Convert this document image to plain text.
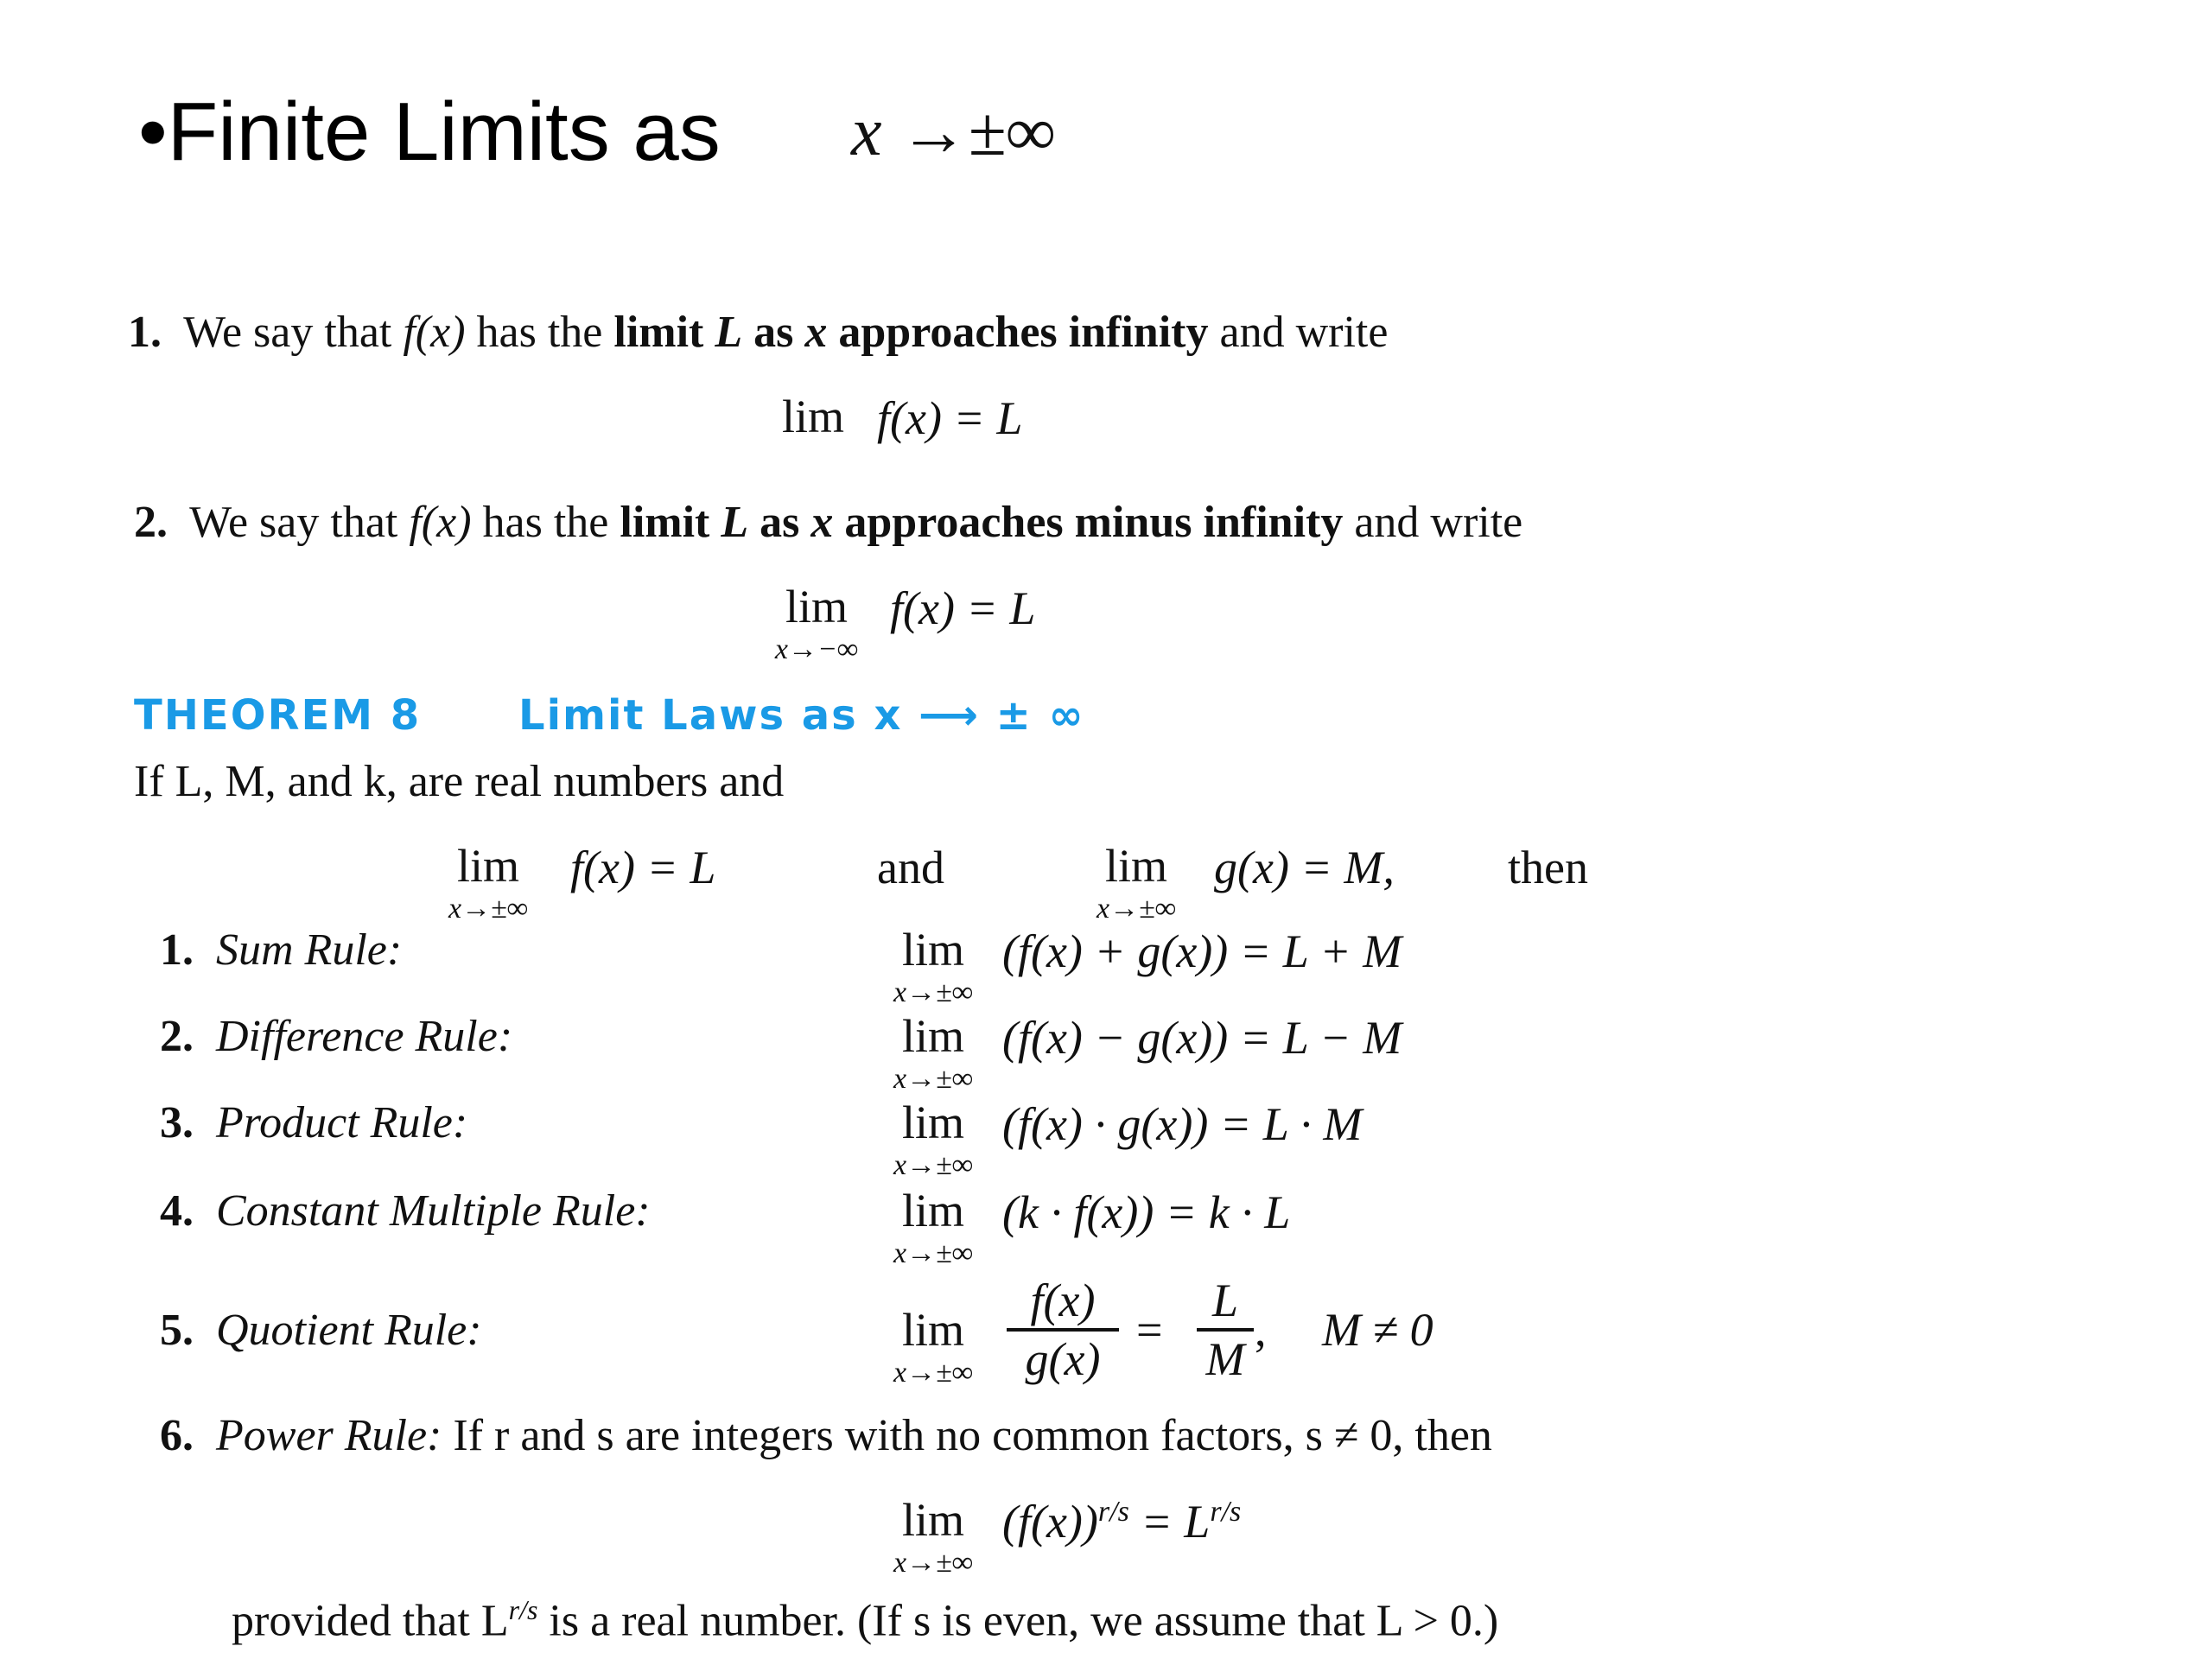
•Finite Limits as x →±∞
1. We say that f(x) has the limit L as x approaches infinity and write
lim f(x) = L
2. We say that f(x) has the limit L as x approaches minus infinity and write
lim
x→−∞
f(x) = L
THEOREM 8 Limit Laws as x ⟶ ± ∞
If L, M, and k, are real numbers and
lim
x→±∞
f(x) = L	and	lim
x→±∞
g(x) = M, then
1. Sum Rule:	lim
x→±∞
(f(x) + g(x)) = L + M
2. Difference Rule:	lim
x→±∞
(f(x) − g(x)) = L − M
3. Product Rule:	lim
x→±∞
(f(x) · g(x)) = L · M
4. Constant Multiple Rule:	lim
x→±∞
(k · f(x)) = k · L
5. Quotient Rule:	lim
x→±∞
f(x)
g(x)
=
L
M
, M ≠ 0
6. Power Rule: If r and s are integers with no common factors, s ≠ 0, then
lim
x→±∞
$(f(x))^{r/s} = L^{r/s}$
provided that $L^{r/s}$ is a real number. (If s is even, we assume that L > 0.)
